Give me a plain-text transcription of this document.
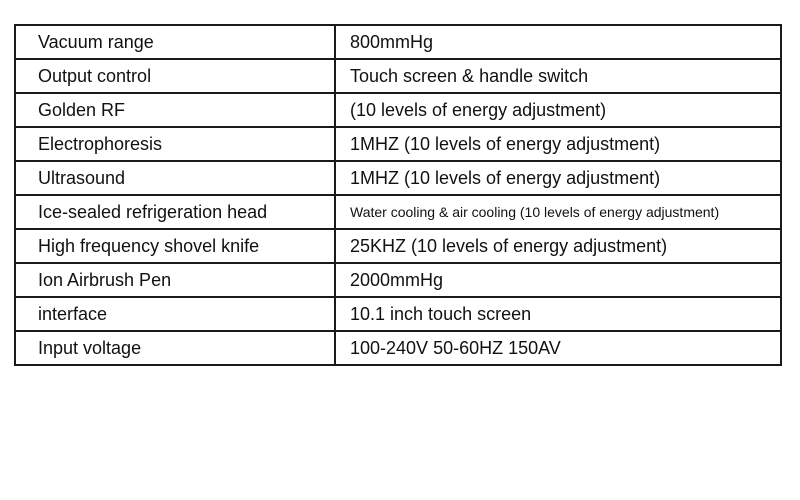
Vacuum range	800mmHg
Output control	Touch screen & handle switch
Golden RF	(10 levels of energy adjustment)
Electrophoresis	1MHZ (10 levels of energy adjustment)
Ultrasound	1MHZ (10 levels of energy adjustment)
Ice-sealed refrigeration head	Water cooling & air cooling (10 levels of energy adjustment)
High frequency shovel knife	25KHZ (10 levels of energy adjustment)
Ion Airbrush Pen	2000mmHg
interface	10.1 inch touch screen
Input voltage	100-240V 50-60HZ 150AV
